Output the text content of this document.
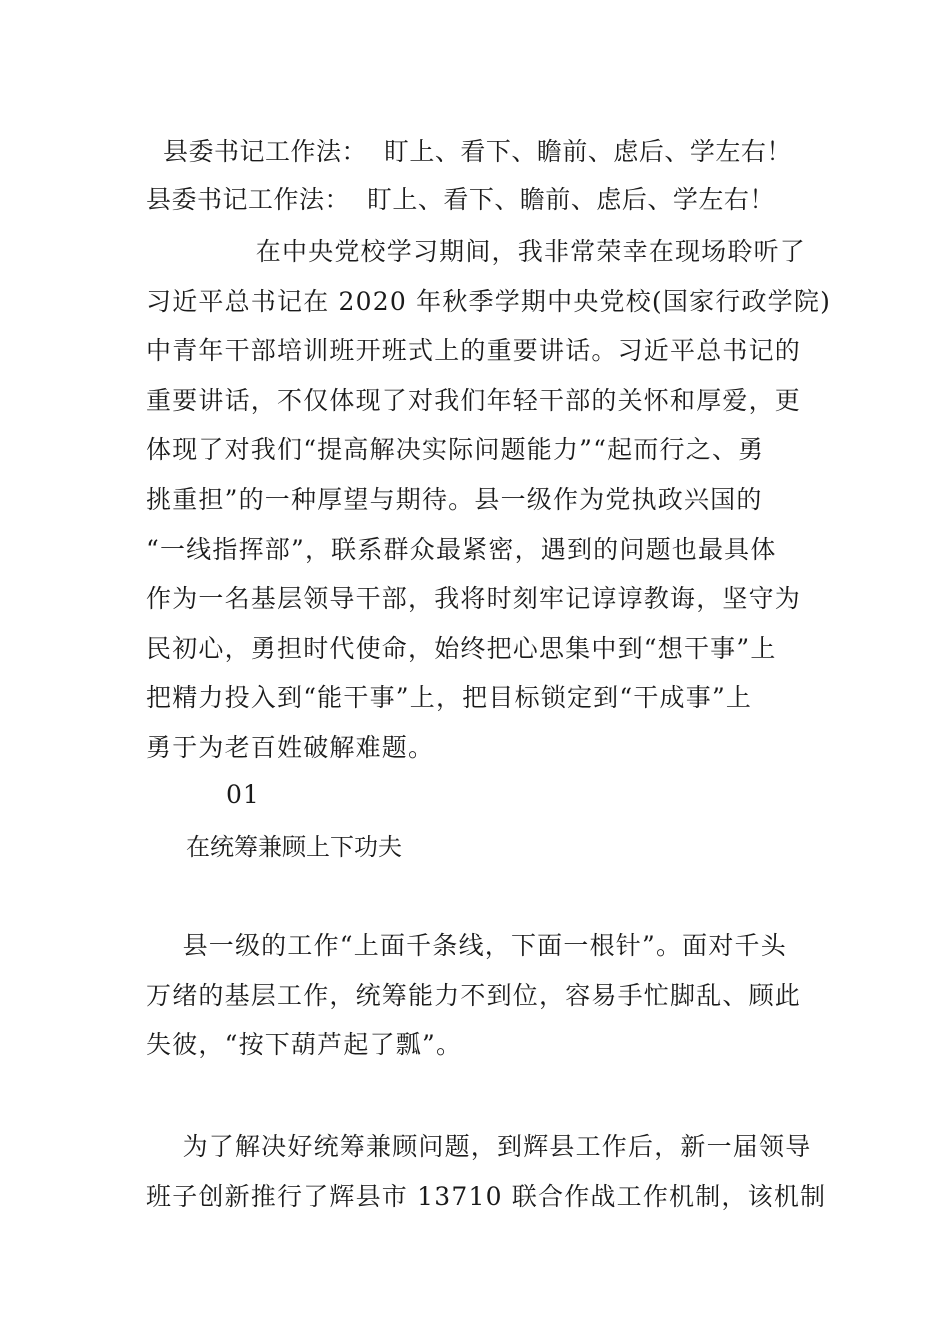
县委书记工作法：  盯上、看下、瞻前、虑后、学左右！
县委书记工作法：  盯上、看下、瞻前、虑后、学左右！
在中央党校学习期间，我非常荣幸在现场聆听了
习近平总书记在 2020 年秋季学期中央党校(国家行政学院)
中青年干部培训班开班式上的重要讲话。习近平总书记的
重要讲话，不仅体现了对我们年轻干部的关怀和厚爱，更
体现了对我们“提高解决实际问题能力”“起而行之、勇
挑重担”的一种厚望与期待。县一级作为党执政兴国的
“一线指挥部”，联系群众最紧密，遇到的问题也最具体
作为一名基层领导干部，我将时刻牢记谆谆教诲，坚守为
民初心，勇担时代使命，始终把心思集中到“想干事”上
把精力投入到“能干事”上，把目标锁定到“干成事”上
勇于为老百姓破解难题。
01
在统筹兼顾上下功夫
县一级的工作“上面千条线，下面一根针”。面对千头
万绪的基层工作，统筹能力不到位，容易手忙脚乱、顾此
失彼，“按下葫芦起了瓢”。
为了解决好统筹兼顾问题，到辉县工作后，新一届领导
班子创新推行了辉县市 13710 联合作战工作机制，该机制
